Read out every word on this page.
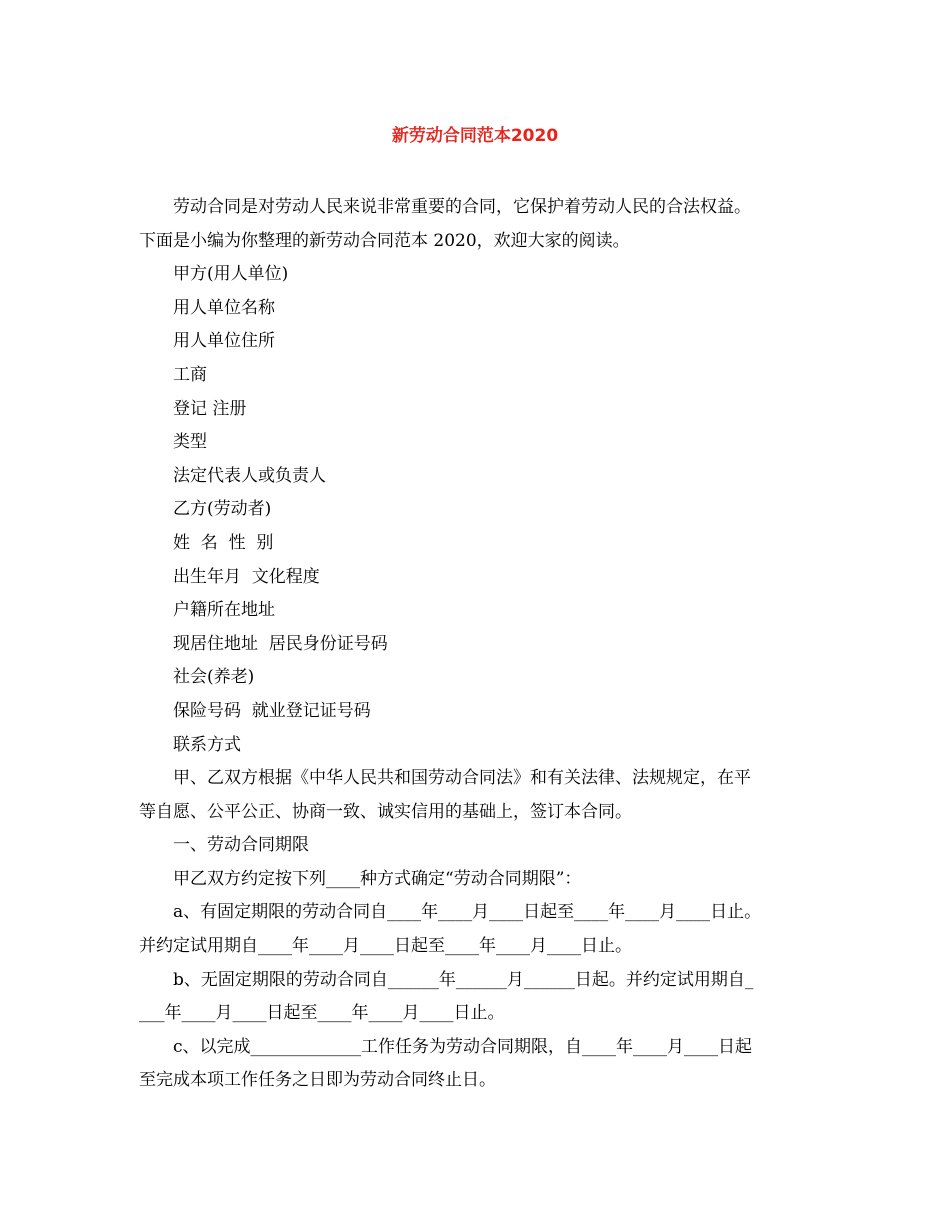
新劳动合同范本2020

劳动合同是对劳动人民来说非常重要的合同，它保护着劳动人民的合法权益。

下面是小编为你整理的新劳动合同范本 2020，欢迎大家的阅读。

甲方(用人单位)

用人单位名称

用人单位住所

工商

登记 注册

类型

法定代表人或负责人

乙方(劳动者)

姓  名  性  别

出生年月  文化程度

户籍所在地址

现居住地址  居民身份证号码

社会(养老)

保险号码  就业登记证号码

联系方式

甲、乙双方根据《中华人民共和国劳动合同法》和有关法律、法规规定，在平

等自愿、公平公正、协商一致、诚实信用的基础上，签订本合同。

一、劳动合同期限

甲乙双方约定按下列____种方式确定“劳动合同期限”：

a、有固定期限的劳动合同自____年____月____日起至____年____月____日止。

并约定试用期自____年____月____日起至____年____月____日止。

b、无固定期限的劳动合同自______年______月______日起。并约定试用期自_

___年____月____日起至____年____月____日止。

c、以完成_____________工作任务为劳动合同期限，自____年____月____日起

至完成本项工作任务之日即为劳动合同终止日。
